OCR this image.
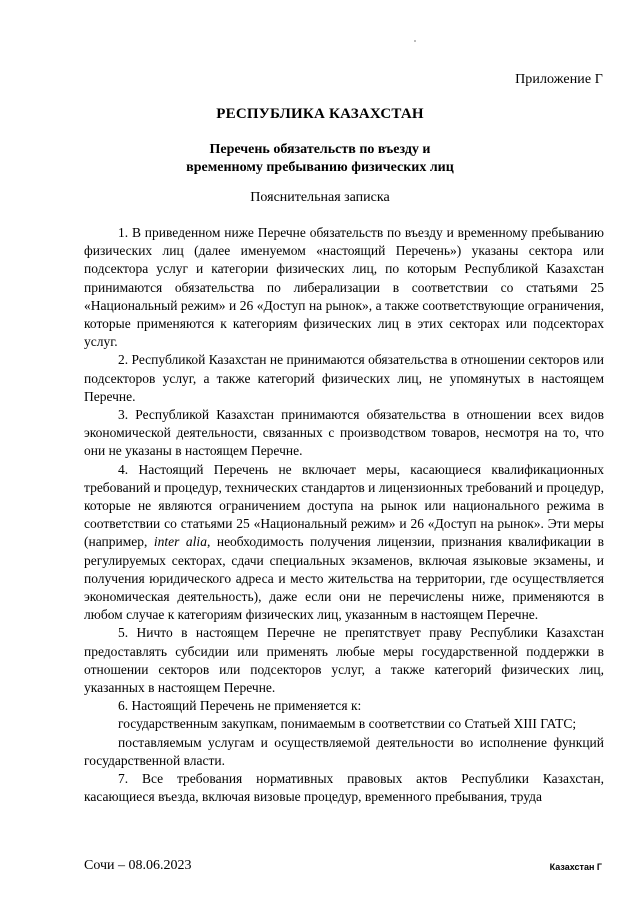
Приложение Г
РЕСПУБЛИКА КАЗАХСТАН
Перечень обязательств по въезду и
временному пребыванию физических лиц
Пояснительная записка

1. В приведенном ниже Перечне обязательств по въезду и временному пребыванию физических лиц (далее именуемом «настоящий Перечень») указаны сектора или подсектора услуг и категории физических лиц, по которым Республикой Казахстан принимаются обязательства по либерализации в соответствии со статьями 25 «Национальный режим» и 26 «Доступ на рынок», а также соответствующие ограничения, которые применяются к категориям физических лиц в этих секторах или подсекторах услуг.

2. Республикой Казахстан не принимаются обязательства в отношении секторов или подсекторов услуг, а также категорий физических лиц, не упомянутых в настоящем Перечне.

3. Республикой Казахстан принимаются обязательства в отношении всех видов экономической деятельности, связанных с производством товаров, несмотря на то, что они не указаны в настоящем Перечне.

4. Настоящий Перечень не включает меры, касающиеся квалификационных требований и процедур, технических стандартов и лицензионных требований и процедур, которые не являются ограничением доступа на рынок или национального режима в соответствии со статьями 25 «Национальный режим» и 26 «Доступ на рынок». Эти меры (например, inter alia, необходимость получения лицензии, признания квалификации в регулируемых секторах, сдачи специальных экзаменов, включая языковые экзамены, и получения юридического адреса и место жительства на территории, где осуществляется экономическая деятельность), даже если они не перечислены ниже, применяются в любом случае к категориям физических лиц, указанным в настоящем Перечне.

5. Ничто в настоящем Перечне не препятствует праву Республики Казахстан предоставлять субсидии или применять любые меры государственной поддержки в отношении секторов или подсекторов услуг, а также категорий физических лиц, указанных в настоящем Перечне.

6. Настоящий Перечень не применяется к:

государственным закупкам, понимаемым в соответствии со Статьей XIII ГАТС;

поставляемым услугам и осуществляемой деятельности во исполнение функций государственной власти.

7. Все требования нормативных правовых актов Республики Казахстан, касающиеся въезда, включая визовые процедур, временного пребывания, труда

Сочи – 08.06.2023	Казахстан Г
